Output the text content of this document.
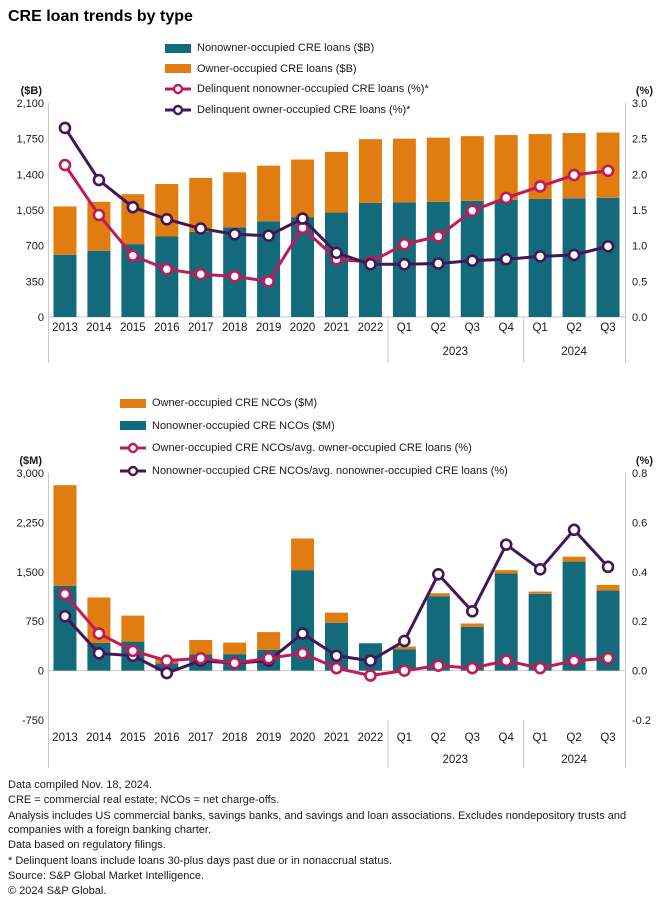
CRE loan trends by type
($B)
2,100
1,750
1,400
1,050
700
350
0
(%)
3.0
2.5
2.0
1.5
1.0
0.5
0.0
2013 2014 2015 2016 2017 2018 2019 2020 2021 2022 Q1 Q2 Q3 Q4 Q1 Q2 Q3
2023	2024
Nonowner-occupied CRE loans ($B)
Owner-occupied CRE loans ($B)
Delinquent nonowner-occupied CRE loans (%)*
Delinquent owner-occupied CRE loans (%)*
($M)
3,000
2,250
1,500
750
0
-750
(%)
0.8
0.6
0.4
0.2
0.0
-0.2
2013 2014 2015 2016 2017 2018 2019 2020 2021 2022 Q1 Q2 Q3 Q4 Q1 Q2 Q3
2023	2024
Owner-occupied CRE NCOs ($M)
Nonowner-occupied CRE NCOs ($M)
Owner-occupied CRE NCOs/avg. owner-occupied CRE loans (%)
Nonowner-occupied CRE NCOs/avg. nonowner-occupied CRE loans (%)

Data compiled Nov. 18, 2024.

CRE = commercial real estate; NCOs = net charge-offs.

Analysis includes US commercial banks, savings banks, and savings and loan associations. Excludes nondepository trusts and companies with a foreign banking charter.

Data based on regulatory filings.

* Delinquent loans include loans 30-plus days past due or in nonaccrual status.

Source: S&P Global Market Intelligence.

© 2024 S&P Global.
